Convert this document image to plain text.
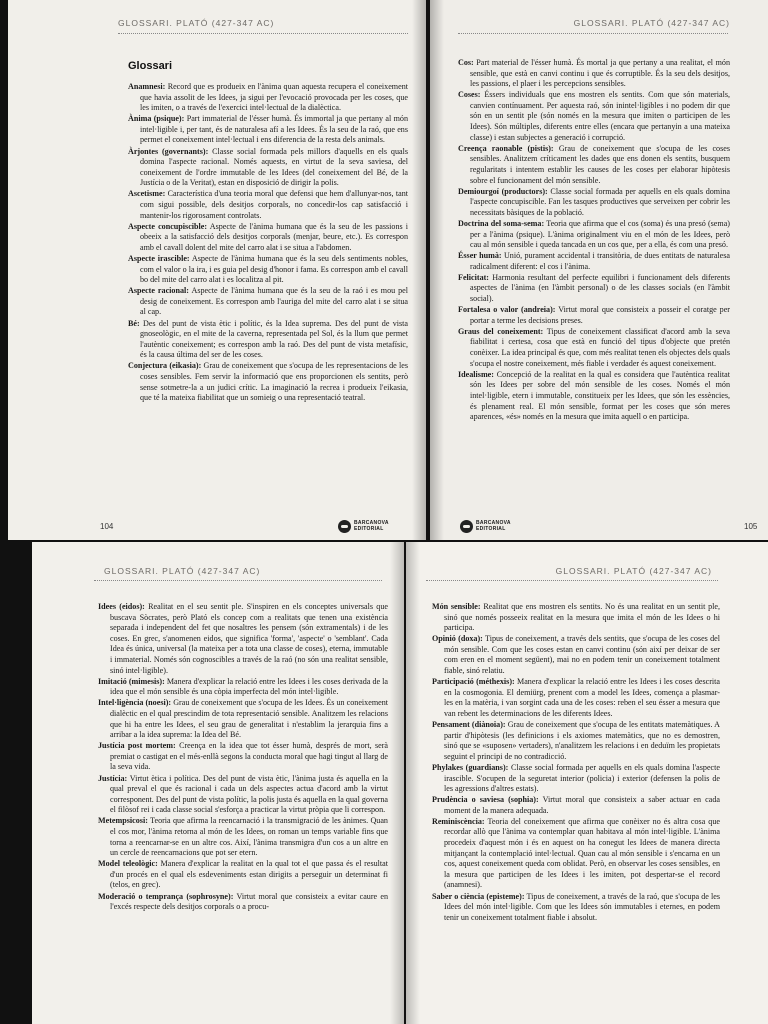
GLOSSARI. PLATÓ (427-347 AC)
Glossari

Anamnesi: Record que es produeix en l'ànima quan aquesta recupera el coneixement que havia assolit de les Idees, ja sigui per l'evocació provocada per les coses, que les imiten, o a través de l'exercici intel·lectual de la dialèctica.

Ànima (psique): Part immaterial de l'ésser humà. És immortal ja que pertany al món intel·ligible i, per tant, és de naturalesa afí a les Idees. És la seu de la raó, que ens permet el coneixement intel·lectual i ens diferencia de la resta dels animals.

Àrjontes (governants): Classe social formada pels millors d'aquells en els quals domina l'aspecte racional. Només aquests, en virtut de la seva saviesa, del coneixement de l'ordre immutable de les Idees (del coneixement del Bé, de la Justícia o de la Veritat), estan en disposició de dirigir la polis.

Ascetisme: Característica d'una teoria moral que defensi que hem d'allunyar-nos, tant com sigui possible, dels desitjos corporals, no concedir-los cap satisfacció i mantenir-los rigorosament controlats.

Aspecte concupiscible: Aspecte de l'ànima humana que és la seu de les passions i obeeix a la satisfacció dels desitjos corporals (menjar, beure, etc.). Es correspon amb el cavall dolent del mite del carro alat i se situa a l'abdomen.

Aspecte irascible: Aspecte de l'ànima humana que és la seu dels sentiments nobles, com el valor o la ira, i es guia pel desig d'honor i fama. Es correspon amb el cavall bo del mite del carro alat i es localitza al pit.

Aspecte racional: Aspecte de l'ànima humana que és la seu de la raó i es mou pel desig de coneixement. Es correspon amb l'auriga del mite del carro alat i se situa al cap.

Bé: Des del punt de vista ètic i polític, és la Idea suprema. Des del punt de vista gnoseològic, en el mite de la caverna, representada pel Sol, és la llum que permet l'autèntic coneixement; es correspon amb la raó. Des del punt de vista metafísic, és la causa última del ser de les coses.

Conjectura (eikasia): Grau de coneixement que s'ocupa de les representacions de les coses sensibles. Fem servir la informació que ens proporcionen els sentits, però sense sotmetre-la a un judici crític. La imaginació la recrea i produeix l'eikasia, que té la mateixa fiabilitat que un somieig o una representació teatral.

104	BARCANOVA
EDITORIAL
GLOSSARI. PLATÓ (427-347 AC)

Cos: Part material de l'ésser humà. És mortal ja que pertany a una realitat, el món sensible, que està en canvi continu i que és corruptible. És la seu dels desitjos, les passions, el plaer i les percepcions sensibles.

Coses: Éssers individuals que ens mostren els sentits. Com que són materials, canvien contínuament. Per aquesta raó, són inintel·ligibles i no podem dir que són en un sentit ple (són només en la mesura que imiten o participen de les Idees). Són múltiples, diferents entre elles (encara que pertanyin a una mateixa classe) i estan subjectes a generació i corrupció.

Creença raonable (pistis): Grau de coneixement que s'ocupa de les coses sensibles. Analitzem críticament les dades que ens donen els sentits, busquem regularitats i intentem establir les causes de les coses per elaborar hipòtesis sobre el funcionament del món sensible.

Demiourgoí (productors): Classe social formada per aquells en els quals domina l'aspecte concupiscible. Fan les tasques productives que serveixen per cobrir les necessitats bàsiques de la població.

Doctrina del soma-sema: Teoria que afirma que el cos (soma) és una presó (sema) per a l'ànima (psique). L'ànima originalment viu en el món de les Idees, però cau al món sensible i queda tancada en un cos que, per a ella, és com una presó.

Ésser humà: Unió, purament accidental i transitòria, de dues entitats de naturalesa radicalment diferent: el cos i l'ànima.

Felicitat: Harmonia resultant del perfecte equilibri i funcionament dels diferents aspectes de l'ànima (en l'àmbit personal) o de les classes socials (en l'àmbit social).

Fortalesa o valor (andreia): Virtut moral que consisteix a posseir el coratge per portar a terme les decisions preses.

Graus del coneixement: Tipus de coneixement classificat d'acord amb la seva fiabilitat i certesa, cosa que està en funció del tipus d'objecte que pretén conèixer. La idea principal és que, com més realitat tenen els objectes dels quals s'ocupa el nostre coneixement, més fiable i verdader és aquest coneixement.

Idealisme: Concepció de la realitat en la qual es considera que l'autèntica realitat són les Idees per sobre del món sensible de les coses. Només el món intel·ligible, etern i immutable, constitueix per les Idees, que són les essències, és plenament real. El món sensible, format per les coses que són meres aparences, «és» només en la mesura que imita aquell o en participa.

BARCANOVA
EDITORIAL	105
GLOSSARI. PLATÓ (427-347 AC)

Idees (eidos): Realitat en el seu sentit ple. S'inspiren en els conceptes universals que buscava Sòcrates, però Plató els concep com a realitats que tenen una existència separada i independent del fet que nosaltres les pensem (són extramentals) i de les coses. En grec, s'anomenen eidos, que significa 'forma', 'aspecte' o 'semblant'. Cada Idea és única, universal (la mateixa per a tota una classe de coses), eterna, immutable i immaterial. Només són cognoscibles a través de la raó (no són una realitat sensible, sinó intel·ligible).

Imitació (mimesis): Manera d'explicar la relació entre les Idees i les coses derivada de la idea que el món sensible és una còpia imperfecta del món intel·ligible.

Intel·ligència (noesi): Grau de coneixement que s'ocupa de les Idees. És un coneixement dialèctic en el qual prescindim de tota representació sensible. Analitzem les relacions que hi ha entre les Idees, el seu grau de generalitat i n'establim la jerarquia fins a arribar a la idea suprema: la Idea del Bé.

Justícia post mortem: Creença en la idea que tot ésser humà, després de mort, serà premiat o castigat en el més-enllà segons la conducta moral que hagi tingut al llarg de la seva vida.

Justícia: Virtut ètica i política. Des del punt de vista ètic, l'ànima justa és aquella en la qual preval el que és racional i cada un dels aspectes actua d'acord amb la virtut corresponent. Des del punt de vista polític, la polis justa és aquella en la qual governa el filòsof rei i cada classe social s'esforça a practicar la virtut pròpia que li correspon.

Metempsicosi: Teoria que afirma la reencarnació i la transmigració de les ànimes. Quan el cos mor, l'ànima retorna al món de les Idees, on roman un temps variable fins que torna a reencarnar-se en un altre cos. Així, l'ànima transmigra d'un cos a un altre en un cercle de reencarnacions que pot ser etern.

Model teleològic: Manera d'explicar la realitat en la qual tot el que passa és el resultat d'un procés en el qual els esdeveniments estan dirigits a perseguir un determinat fi (telos, en grec).

Moderació o temprança (sophrosyne): Virtut moral que consisteix a evitar caure en l'excés respecte dels desitjos corporals o a procu-

GLOSSARI. PLATÓ (427-347 AC)

Món sensible: Realitat que ens mostren els sentits. No és una realitat en un sentit ple, sinó que només posseeix realitat en la mesura que imita el món de les Idees o hi participa.

Opinió (doxa): Tipus de coneixement, a través dels sentits, que s'ocupa de les coses del món sensible. Com que les coses estan en canvi continu (són així per deixar de ser com eren en el moment següent), mai no en podem tenir un coneixement totalment fiable, sinó relatiu.

Participació (méthexis): Manera d'explicar la relació entre les Idees i les coses descrita en la cosmogonia. El demiürg, prenent com a model les Idees, comença a plasmar-les en la matèria, i van sorgint cada una de les coses: reben el seu ésser a mesura que van rebent les determinacions de les diferents Idees.

Pensament (diànoia): Grau de coneixement que s'ocupa de les entitats matemàtiques. A partir d'hipòtesis (les definicions i els axiomes matemàtics, que no es demostren, sinó que se «suposen» vertaders), n'analitzem les relacions i en deduïm les propietats seguint el principi de no contradicció.

Phylakes (guardians): Classe social formada per aquells en els quals domina l'aspecte irascible. S'ocupen de la seguretat interior (policia) i exterior (defensen la polis de les agressions d'altres estats).

Prudència o saviesa (sophia): Virtut moral que consisteix a saber actuar en cada moment de la manera adequada.

Reminiscència: Teoria del coneixement que afirma que conèixer no és altra cosa que recordar allò que l'ànima va contemplar quan habitava al món intel·ligible. L'ànima procedeix d'aquest món i és en aquest on ha conegut les Idees de manera directa mitjançant la contemplació intel·lectual. Quan cau al món sensible i s'encarna en un cos, aquest coneixement queda com oblidat. Però, en observar les coses sensibles, en la mesura que participen de les Idees i les imiten, pot despertar-se el record (anamnesi).

Saber o ciència (episteme): Tipus de coneixement, a través de la raó, que s'ocupa de les Idees del món intel·ligible. Com que les Idees són immutables i eternes, en podem tenir un coneixement totalment fiable i absolut.
